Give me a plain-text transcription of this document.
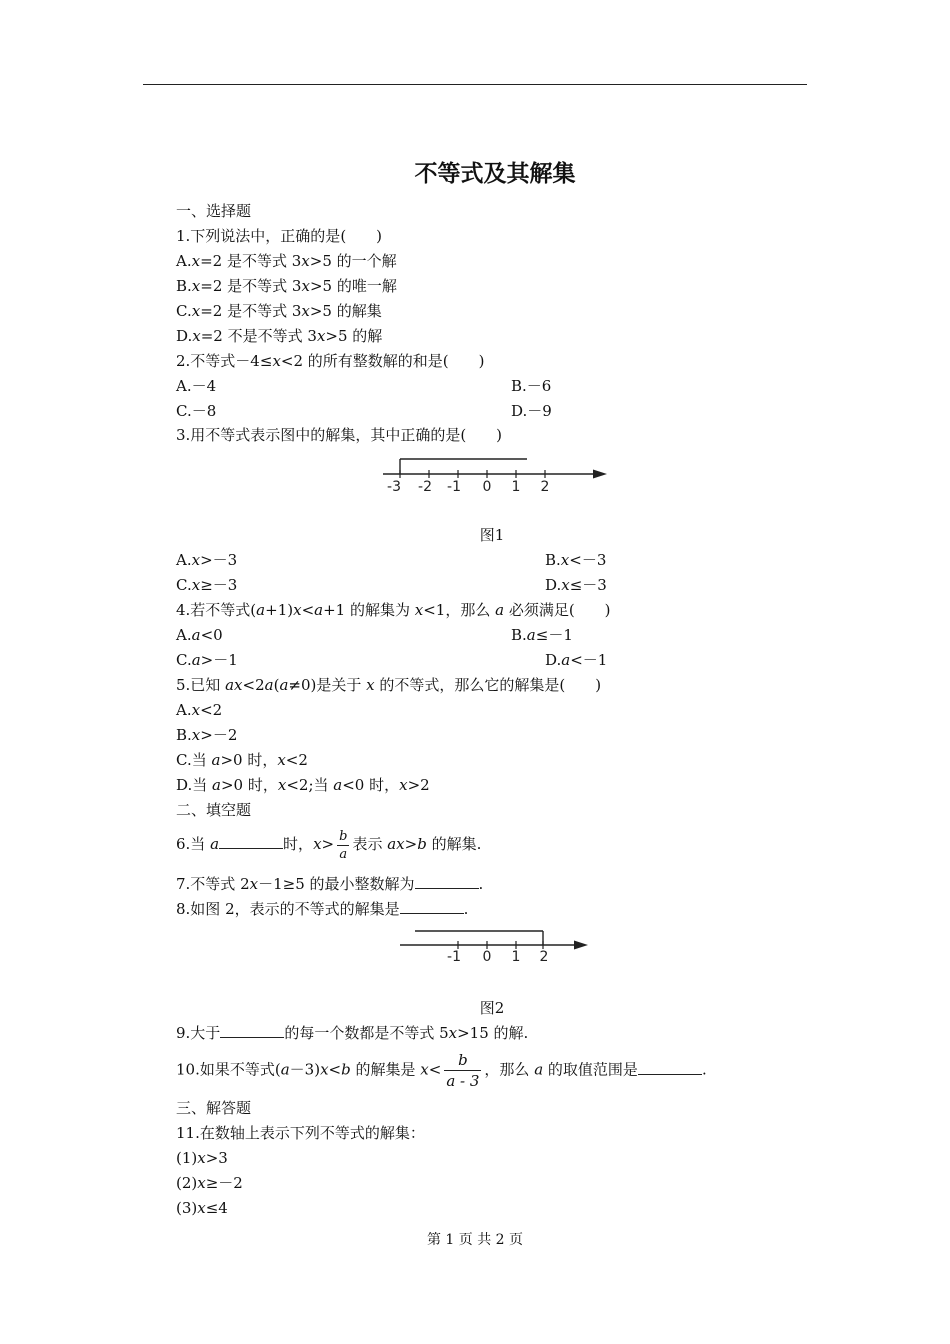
不等式及其解集
一、选择题
1.下列说法中，正确的是(　　)
A.x=2 是不等式 3x>5 的一个解
B.x=2 是不等式 3x>5 的唯一解
C.x=2 是不等式 3x>5 的解集
D.x=2 不是不等式 3x>5 的解
2.不等式－4≤x<2 的所有整数解的和是(　　)
A.－4	B.－6
C.－8	D.－9
3.用不等式表示图中的解集，其中正确的是(　　)
-3 -2 -1 0 1 2
图1
A.x>－3	B.x<－3
C.x≥－3	D.x≤－3
4.若不等式(a+1)x<a+1 的解集为 x<1，那么 a 必须满足(　　)
A.a<0	B.a≤－1
C.a>－1	D.a<－1
5.已知 ax<2a(a≠0)是关于 x 的不等式，那么它的解集是(　　)
A.x<2
B.x>－2
C.当 a>0 时，x<2
D.当 a>0 时，x<2;当 a<0 时，x>2
二、填空题
6.当 a	时，$x> \frac{b}{a}$ 表示 ax>b 的解集.
7.不等式 2x－1≥5 的最小整数解为	.
8.如图 2，表示的不等式的解集是	.
-1 0 1 2
图2
9.大于	的每一个数都是不等式 5x>15 的解.
10.如果不等式(a－3)x<b 的解集是 $x< \frac{b}{a - 3}$ ，那么 a 的取值范围是	.
三、解答题
11.在数轴上表示下列不等式的解集：
(1)x>3
(2)x≥－2
(3)x≤4
第 1 页 共 2 页
